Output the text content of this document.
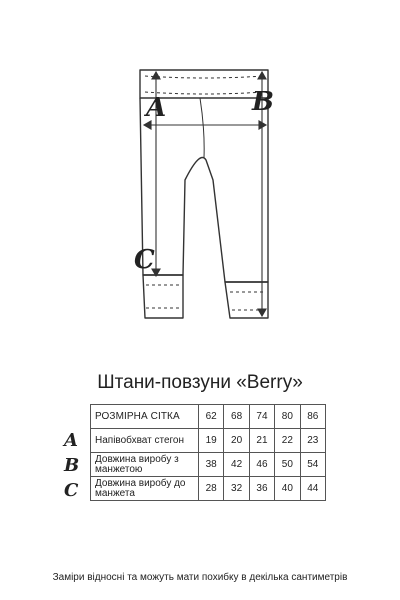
A	B
C
Штани-повзуни «Berry»
РОЗМІРНА СІТКА	62	68	74	80	86
Напівобхват стегон	19	20	21	22	23
Довжина виробу з манжетою	38	42	46	50	54
Довжина виробу до манжета	28	32	36	40	44
A
B
C
Заміри відносні та можуть мати похибку в декілька сантиметрів
